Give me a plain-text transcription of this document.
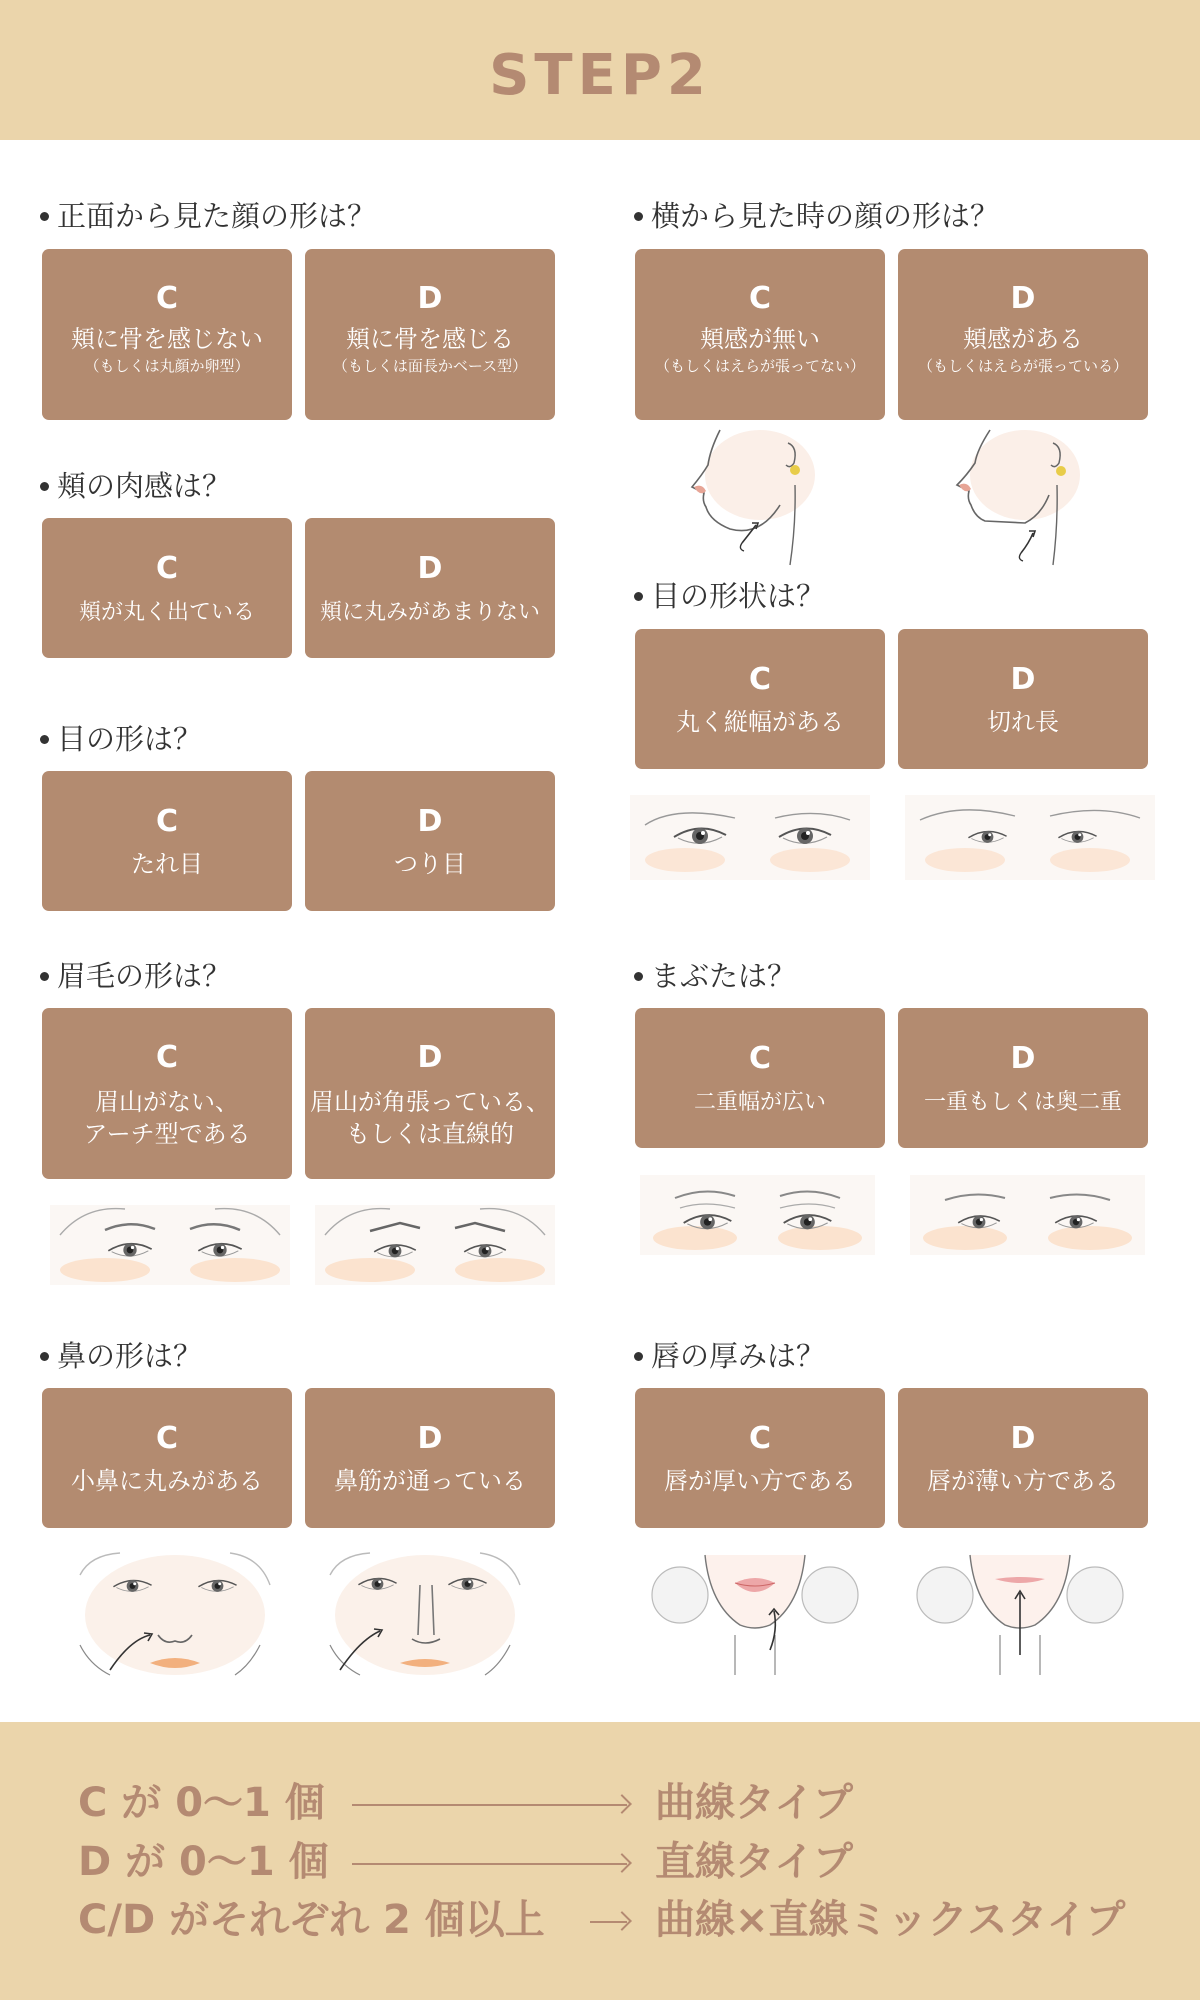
STEP2
正面から見た顔の形は？
C
頬に骨を感じない
（もしくは丸顔か卵型）
D
頬に骨を感じる
（もしくは面長かベース型）
横から見た時の顔の形は？
C
頬感が無い
（もしくはえらが張ってない）
D
頬感がある
（もしくはえらが張っている）
頬の肉感は？
C
頬が丸く出ている
D
頬に丸みがあまりない	目の形状は？
C
丸く縦幅がある
D
切れ長
目の形は？
C
たれ目
D
つり目
眉毛の形は？
C
眉山がない、
アーチ型である
D
眉山が角張っている、
もしくは直線的
まぶたは？
C
二重幅が広い
D
一重もしくは奥二重
鼻の形は？
C
小鼻に丸みがある
D
鼻筋が通っている
唇の厚みは？
C
唇が厚い方である
D
唇が薄い方である
C が 0〜1 個	曲線タイプ
D が 0〜1 個	直線タイプ
C/D がそれぞれ 2 個以上	曲線×直線ミックスタイプ
